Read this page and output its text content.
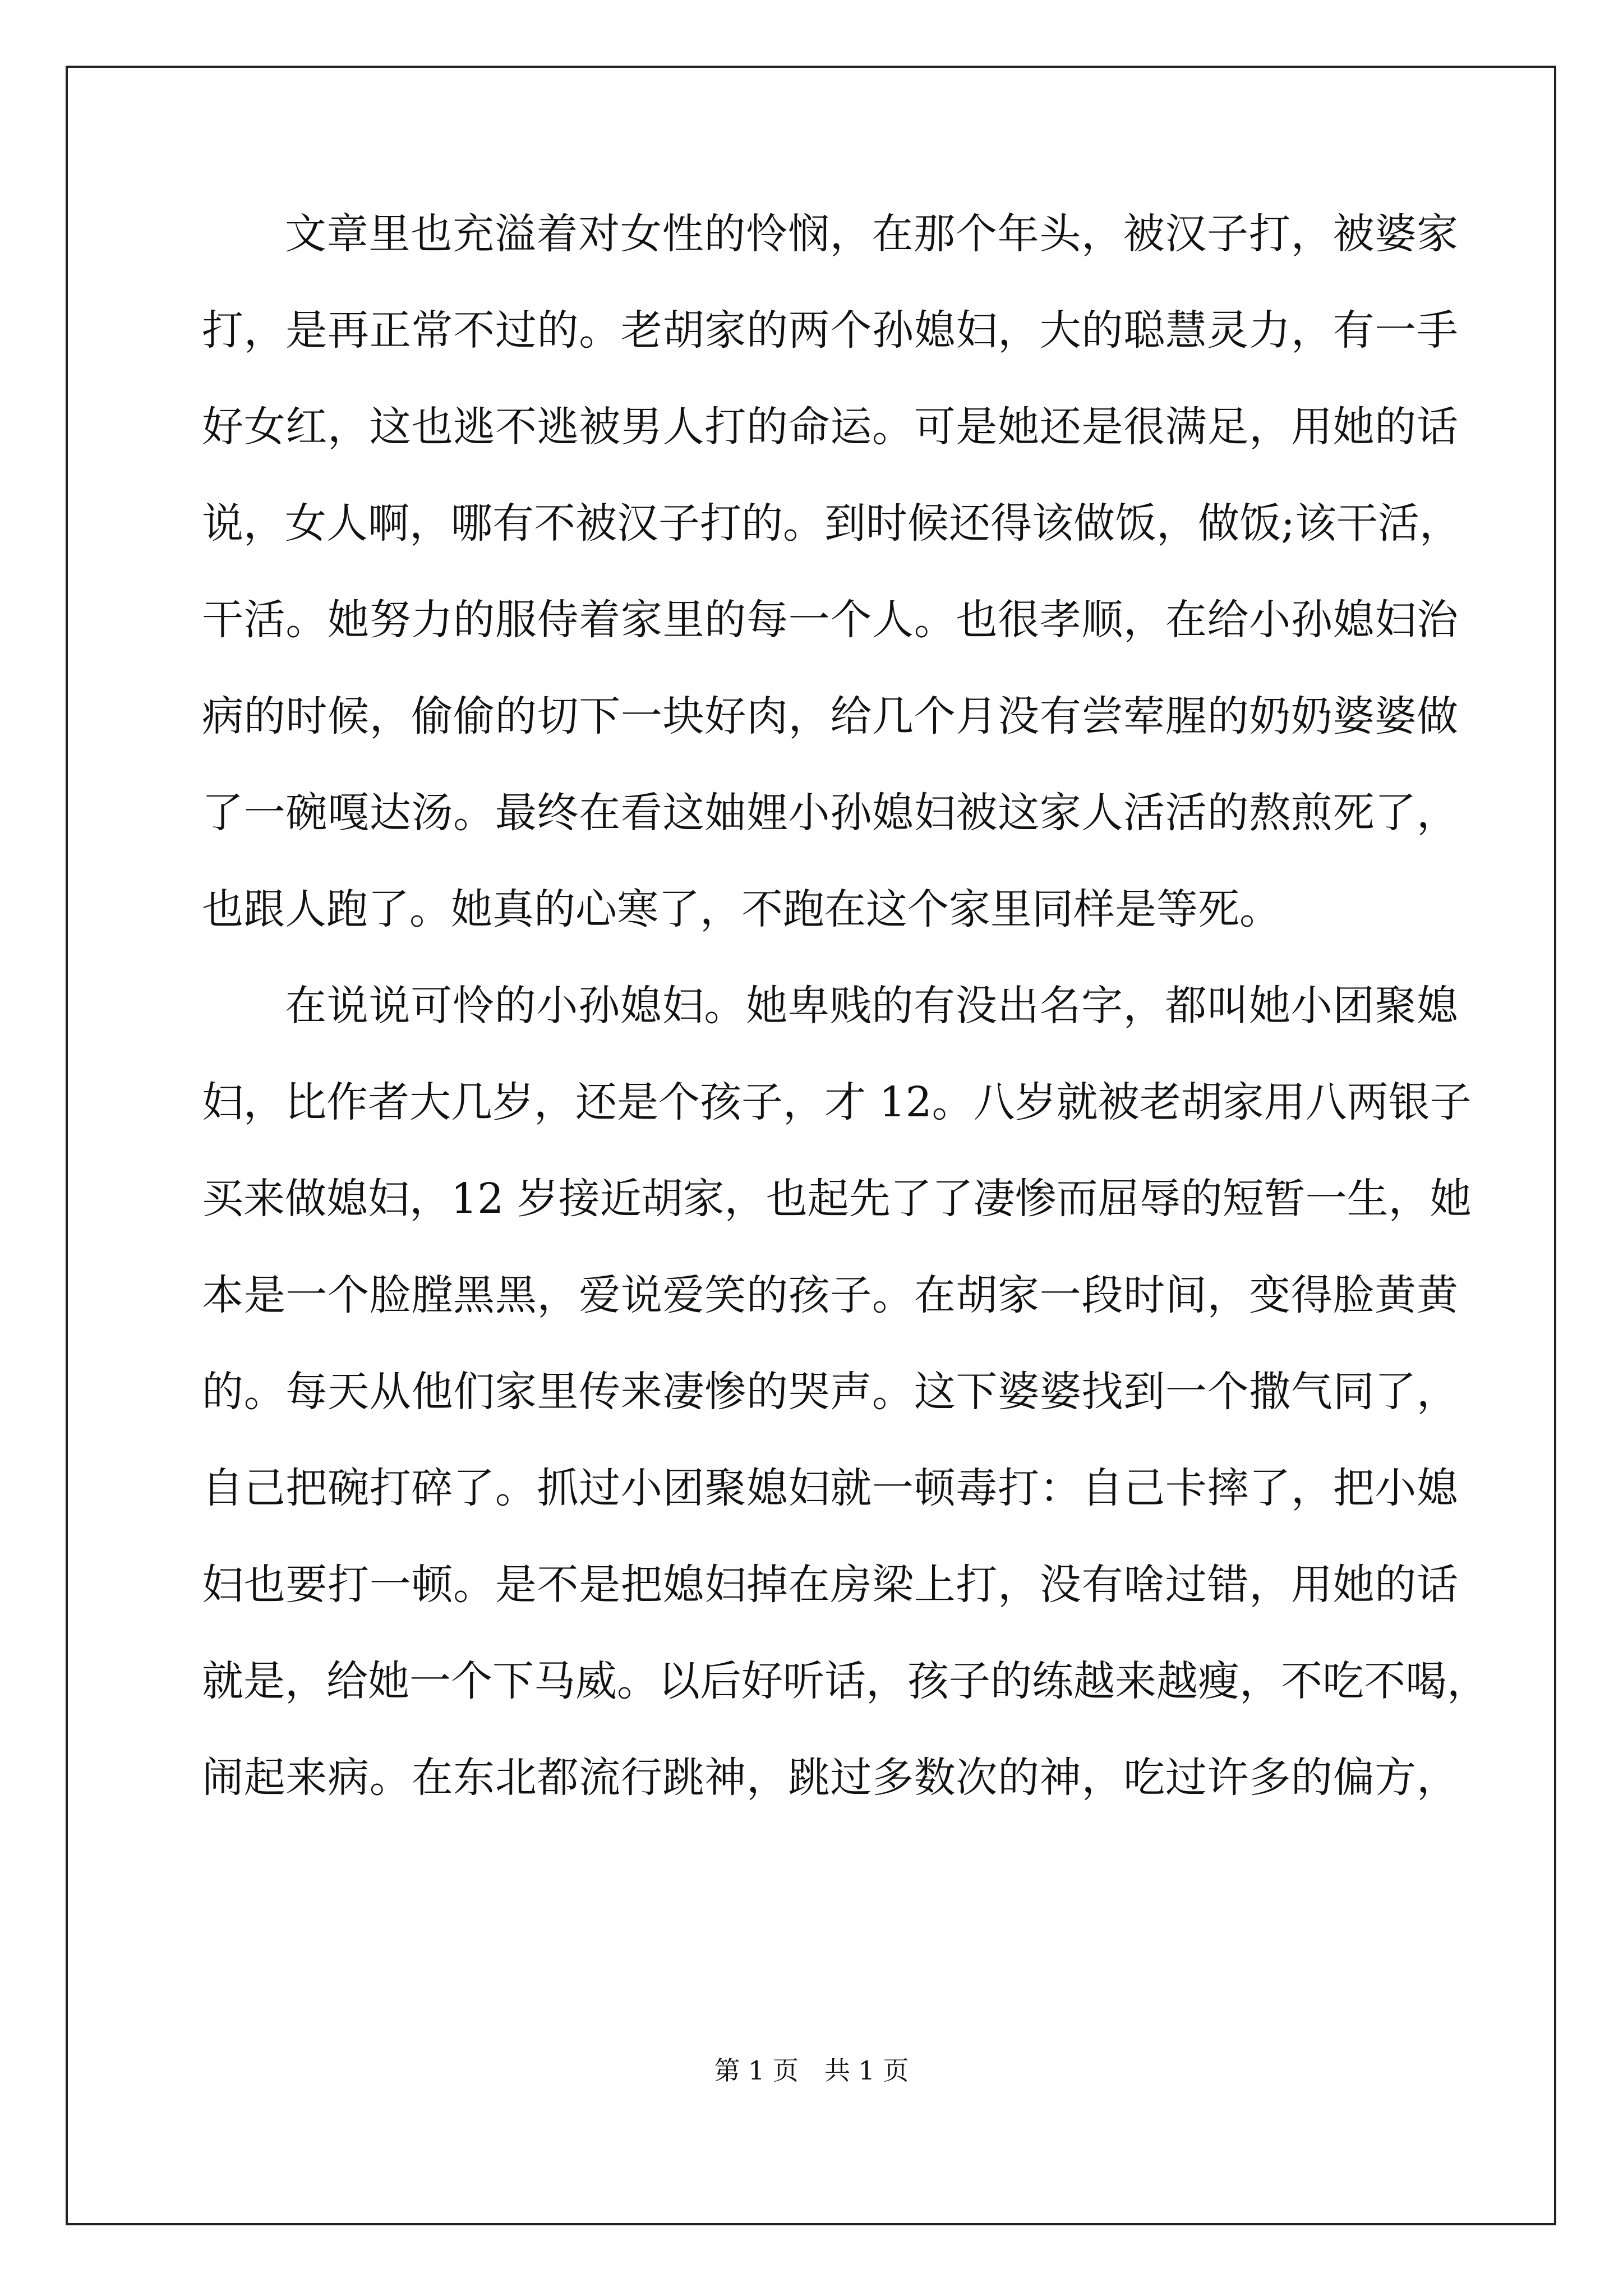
文章里也充溢着对女性的怜悯，在那个年头，被汉子打，被婆家
打，是再正常不过的。老胡家的两个孙媳妇，大的聪慧灵力，有一手
好女红，这也逃不逃被男人打的命运。可是她还是很满足，用她的话
说，女人啊，哪有不被汉子打的。到时候还得该做饭，做饭;该干活，
干活。她努力的服侍着家里的每一个人。也很孝顺，在给小孙媳妇治
病的时候，偷偷的切下一块好肉，给几个月没有尝荤腥的奶奶婆婆做
了一碗嘎达汤。最终在看这妯娌小孙媳妇被这家人活活的熬煎死了，
也跟人跑了。她真的心寒了，不跑在这个家里同样是等死。
在说说可怜的小孙媳妇。她卑贱的有没出名字，都叫她小团聚媳
妇，比作者大几岁，还是个孩子，才 12。八岁就被老胡家用八两银子
买来做媳妇，12 岁接近胡家，也起先了了凄惨而屈辱的短暂一生，她
本是一个脸膛黑黑，爱说爱笑的孩子。在胡家一段时间，变得脸黄黄
的。每天从他们家里传来凄惨的哭声。这下婆婆找到一个撒气同了，
自己把碗打碎了。抓过小团聚媳妇就一顿毒打：自己卡摔了，把小媳
妇也要打一顿。是不是把媳妇掉在房梁上打，没有啥过错，用她的话
就是，给她一个下马威。以后好听话，孩子的练越来越瘦，不吃不喝，
闹起来病。在东北都流行跳神，跳过多数次的神，吃过许多的偏方，
第 1 页　共 1 页
